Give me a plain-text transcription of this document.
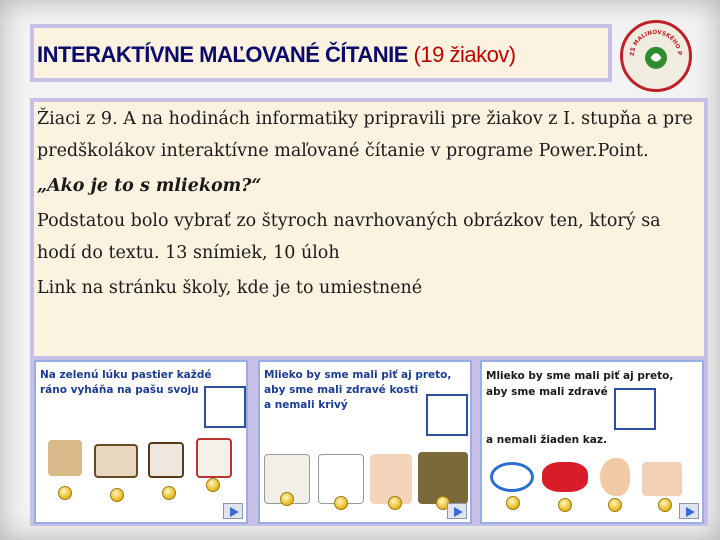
INTERAKTÍVNE MAĽOVANÉ ČÍTANIE (19 žiakov)	ZŠ MALINOVSKÉHO P

Žiaci z 9. A na hodinách informatiky pripravili pre žiakov z I. stupňa a pre predškolákov interaktívne maľované čítanie v programe Power.Point.

„Ako je to s mliekom?“

Podstatou bolo vybrať zo štyroch navrhovaných obrázkov ten, ktorý sa hodí do textu. 13 snímiek, 10 úloh

Link na stránku školy, kde je to umiestnené

Na zelenú lúku pastier každé
ráno vyháňa na pašu svoju
Mlieko by sme mali piť aj preto,
aby sme mali zdravé kosti
a nemali krivý
Mlieko by sme mali piť aj preto,
aby sme mali zdravé
a nemali žiaden kaz.
